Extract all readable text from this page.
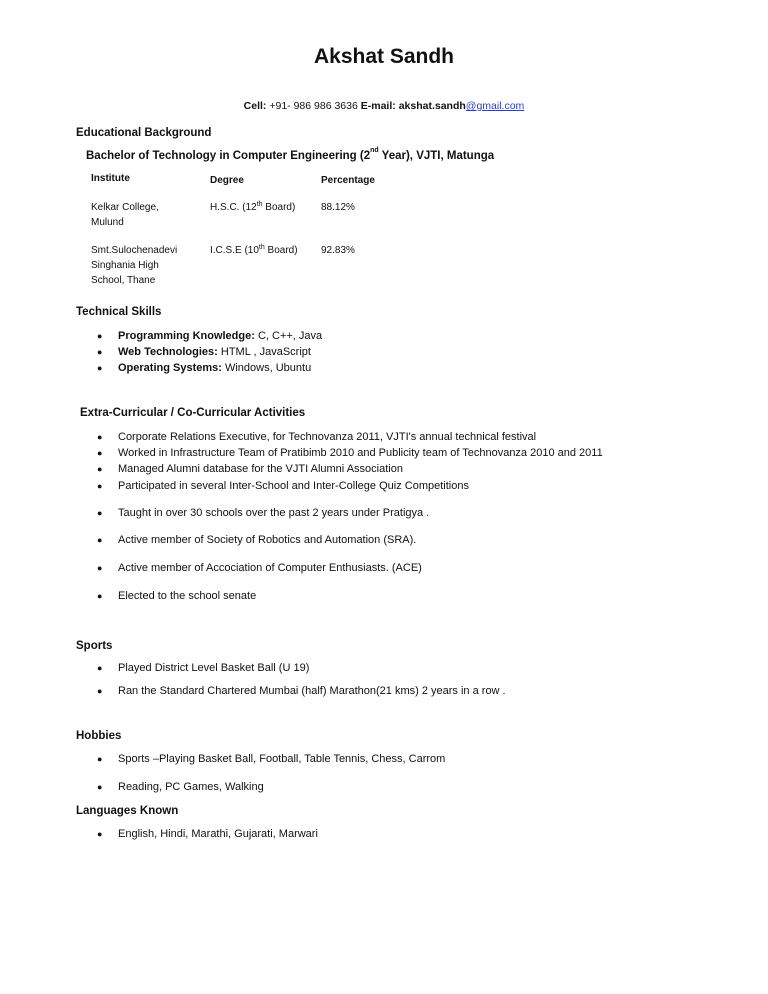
Akshat Sandh
Cell: +91- 986 986 3636 E-mail: akshat.sandh@gmail.com
Educational Background
Bachelor of Technology in Computer Engineering (2nd Year), VJTI, Matunga
Institute	Degree	Percentage
Kelkar College,
Mulund
H.S.C. (12th Board)	88.12%
Smt.Sulochenadevi
Singhania High
School, Thane
I.C.S.E (10th Board) 92.83%
Technical Skills
● Programming Knowledge: C, C++, Java
● Web Technologies: HTML , JavaScript
● Operating Systems: Windows, Ubuntu
Extra-Curricular / Co-Curricular Activities
● Corporate Relations Executive, for Technovanza 2011, VJTI's annual technical festival
● Worked in Infrastructure Team of Pratibimb 2010 and Publicity team of Technovanza 2010 and 2011
● Managed Alumni database for the VJTI Alumni Association
● Participated in several Inter-School and Inter-College Quiz Competitions
● Taught in over 30 schools over the past 2 years under Pratigya .
● Active member of Society of Robotics and Automation (SRA).
● Active member of Accociation of Computer Enthusiasts. (ACE)
● Elected to the school senate
Sports
● Played District Level Basket Ball (U 19)
● Ran the Standard Chartered Mumbai (half) Marathon(21 kms) 2 years in a row .
Hobbies
● Sports –Playing Basket Ball, Football, Table Tennis, Chess, Carrom
● Reading, PC Games, Walking
Languages Known
● English, Hindi, Marathi, Gujarati, Marwari
